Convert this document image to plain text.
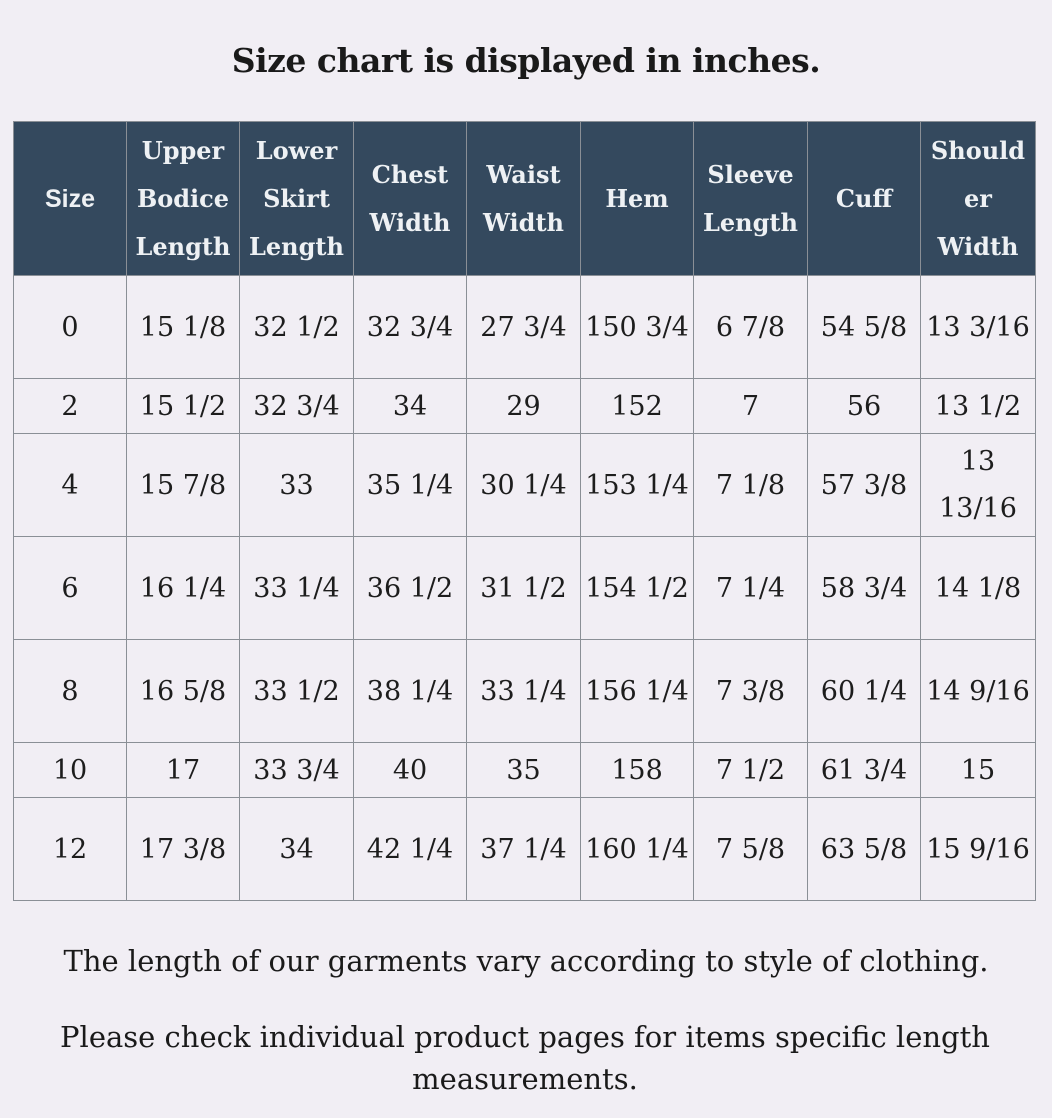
Size chart is displayed in inches.
Size	Upper Bodice Length	Lower Skirt Length	Chest Width	Waist Width	Hem	Sleeve Length	Cuff	Should er Width
0	15 1/8	32 1/2	32 3/4	27 3/4	150 3/4	6 7/8	54 5/8	13 3/16
2	15 1/2	32 3/4	34	29	152	7	56	13 1/2
4	15 7/8	33	35 1/4	30 1/4	153 1/4	7 1/8	57 3/8	13 13/16
6	16 1/4	33 1/4	36 1/2	31 1/2	154 1/2	7 1/4	58 3/4	14 1/8
8	16 5/8	33 1/2	38 1/4	33 1/4	156 1/4	7 3/8	60 1/4	14 9/16
10	17	33 3/4	40	35	158	7 1/2	61 3/4	15
12	17 3/8	34	42 1/4	37 1/4	160 1/4	7 5/8	63 5/8	15 9/16
The length of our garments vary according to style of clothing.
Please check individual product pages for items specific length measurements.
